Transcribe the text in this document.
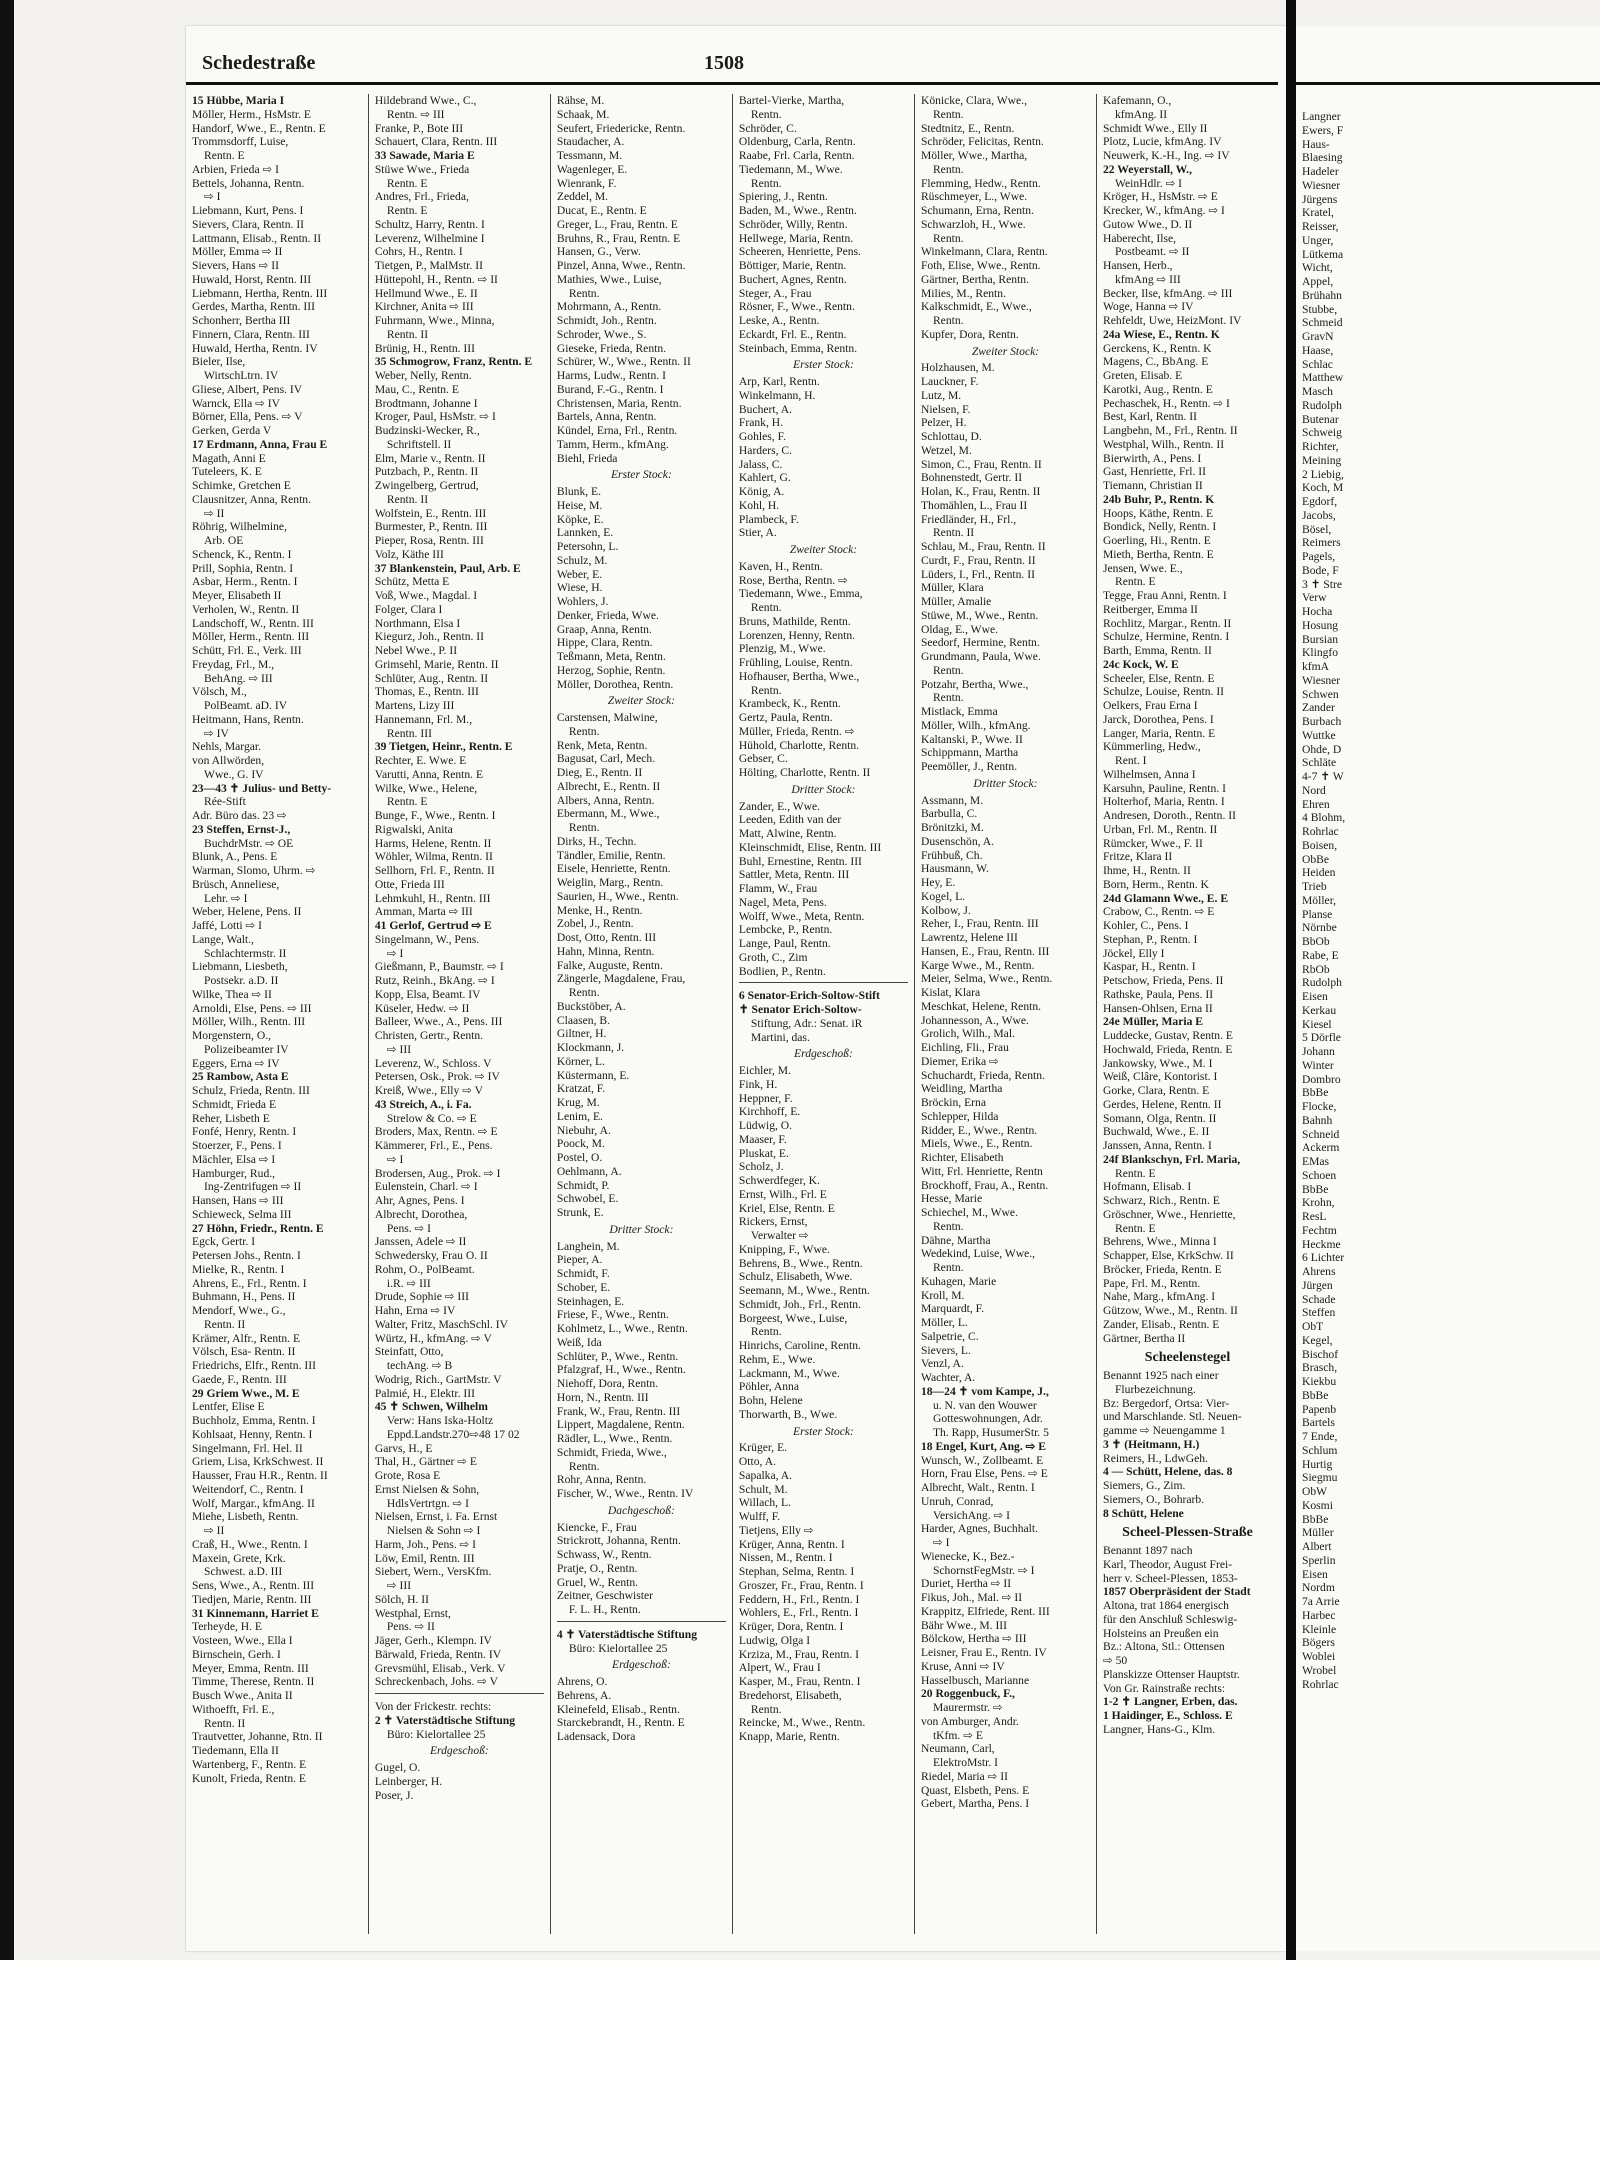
Langner
Ewers, F
Haus-
Blaesing
Hadeler
Wiesner
Jürgens
Kratel,
Reisser,
Unger,
Lütkema
Wicht,
Appel,
Brühahn
Stubbe,
Schmeid
GravN
Haase,
Schlac
Matthew
Masch
Rudolph
Butenar
Schweig
Richter,
Meining
2 Liebig,
Koch, M
Egdorf,
Jacobs,
Bösel,
Reimers
Pagels,
Bode, F
3 ✝ Stre
Verw
Hocha
Hosung
Bursian
Klingfo
kfmA
Wiesner
Schwen
Zander
Burbach
Wuttke
Ohde, D
Schläte
4-7 ✝ W
Nord
Ehren
4 Blohm,
Rohrlac
Boisen,
ObBe
Heiden
Trieb
Möller,
Planse
Nörnbe
BbOb
Rabe, E
RbOb
Rudolph
Eisen
Kerkau
Kiesel
5 Dörfle
Johann
Winter
Dombro
BbBe
Flocke,
Bahnh
Schneid
Ackerm
EMas
Schoen
BbBe
Krohn,
ResL
Fechtm
Heckme
6 Lichter
Ahrens
Jürgen
Schade
Steffen
ObT
Kegel,
Bischof
Brasch,
Kiekbu
BbBe
Papenb
Bartels
7 Ende,
Schlum
Hurtig
Siegmu
ObW
Kosmi
BbBe
Müller
Albert
Sperlin
Eisen
Nordm
7a Arrie
Harbec
Kleinle
Bögers
Woblei
Wrobel
Rohrlac
Schedestraße	1508
15 Hübbe, Maria I
Möller, Herm., HsMstr. E
Handorf, Wwe., E., Rentn. E
Trommsdorff, Luise,
Rentn. E
Arbien, Frieda ⇨ I
Bettels, Johanna, Rentn.
⇨ I
Liebmann, Kurt, Pens. I
Sievers, Clara, Rentn. II
Lattmann, Elisab., Rentn. II
Möller, Emma ⇨ II
Sievers, Hans ⇨ II
Huwald, Horst, Rentn. III
Liebmann, Hertha, Rentn. III
Gerdes, Martha, Rentn. III
Schonherr, Bertha III
Finnern, Clara, Rentn. III
Huwald, Hertha, Rentn. IV
Bieler, Ilse,
WirtschLtrn. IV
Gliese, Albert, Pens. IV
Warnck, Ella ⇨ IV
Börner, Ella, Pens. ⇨ V
Gerken, Gerda V
17 Erdmann, Anna, Frau E
Magath, Anni E
Tuteleers, K. E
Schimke, Gretchen E
Clausnitzer, Anna, Rentn.
⇨ II
Röhrig, Wilhelmine,
Arb. OE
Schenck, K., Rentn. I
Prill, Sophia, Rentn. I
Asbar, Herm., Rentn. I
Meyer, Elisabeth II
Verholen, W., Rentn. II
Landschoff, W., Rentn. III
Möller, Herm., Rentn. III
Schütt, Frl. E., Verk. III
Freydag, Frl., M.,
BehAng. ⇨ III
Völsch, M.,
PolBeamt. aD. IV
Heitmann, Hans, Rentn.
⇨ IV
Nehls, Margar.
von Allwörden,
Wwe., G. IV
23—43 ✝ Julius- und Betty-
Rée-Stift
Adr. Büro das. 23 ⇨
23 Steffen, Ernst-J.,
BuchdrMstr. ⇨ OE
Blunk, A., Pens. E
Warman, Slomo, Uhrm. ⇨
Brüsch, Anneliese,
Lehr. ⇨ I
Weber, Helene, Pens. II
Jaffé, Lotti ⇨ I
Lange, Walt.,
Schlachtermstr. II
Liebmann, Liesbeth,
Postsekr. a.D. II
Wilke, Thea ⇨ II
Arnoldi, Else, Pens. ⇨ III
Möller, Wilh., Rentn. III
Morgenstern, O.,
Polizeibeamter IV
Eggers, Erna ⇨ IV
25 Rambow, Asta E
Schulz, Frieda, Rentn. III
Schmidt, Frieda E
Reher, Lisbeth E
Fonfé, Henry, Rentn. I
Stoerzer, F., Pens. I
Mächler, Elsa ⇨ I
Hamburger, Rud.,
Ing-Zentrifugen ⇨ II
Hansen, Hans ⇨ III
Schieweck, Selma III
27 Höhn, Friedr., Rentn. E
Egck, Gertr. I
Petersen Johs., Rentn. I
Mielke, R., Rentn. I
Ahrens, E., Frl., Rentn. I
Buhmann, H., Pens. II
Mendorf, Wwe., G.,
Rentn. II
Krämer, Alfr., Rentn. E
Völsch, Esa- Rentn. II
Friedrichs, Elfr., Rentn. III
Gaede, F., Rentn. III
29 Griem Wwe., M. E
Lentfer, Elise E
Buchholz, Emma, Rentn. I
Kohlsaat, Henny, Rentn. I
Singelmann, Frl. Hel. II
Griem, Lisa, KrkSchwest. II
Hausser, Frau H.R., Rentn. II
Weitendorf, C., Rentn. I
Wolf, Margar., kfmAng. II
Miehe, Lisbeth, Rentn.
⇨ II
Craß, H., Wwe., Rentn. I
Maxein, Grete, Krk.
Schwest. a.D. III
Sens, Wwe., A., Rentn. III
Tiedjen, Marie, Rentn. III
31 Kinnemann, Harriet E
Terheyde, H. E
Vosteen, Wwe., Ella I
Birnschein, Gerh. I
Meyer, Emma, Rentn. III
Timme, Therese, Rentn. II
Busch Wwe., Anita II
Withoefft, Frl. E.,
Rentn. II
Trautvetter, Johanne, Rtn. II
Tiedemann, Ella II
Wartenberg, F., Rentn. E
Kunolt, Frieda, Rentn. E
Hildebrand Wwe., C.,
Rentn. ⇨ III
Franke, P., Bote III
Schauert, Clara, Rentn. III
33 Sawade, Maria E
Stüwe Wwe., Frieda
Rentn. E
Andres, Frl., Frieda,
Rentn. E
Schultz, Harry, Rentn. I
Leverenz, Wilhelmine I
Cohrs, H., Rentn. I
Tietgen, P., MalMstr. II
Hüttepohl, H., Rentn. ⇨ II
Hellmund Wwe., E. II
Kirchner, Anita ⇨ III
Fuhrmann, Wwe., Minna,
Rentn. II
Brünig, H., Rentn. III
35 Schmogrow, Franz, Rentn. E
Weber, Nelly, Rentn.
Mau, C., Rentn. E
Brodtmann, Johanne I
Kroger, Paul, HsMstr. ⇨ I
Budzinski-Wecker, R.,
Schriftstell. II
Elm, Marie v., Rentn. II
Putzbach, P., Rentn. II
Zwingelberg, Gertrud,
Rentn. II
Wolfstein, E., Rentn. III
Burmester, P., Rentn. III
Pieper, Rosa, Rentn. III
Volz, Käthe III
37 Blankenstein, Paul, Arb. E
Schütz, Metta E
Voß, Wwe., Magdal. I
Folger, Clara I
Northmann, Elsa I
Kiegurz, Joh., Rentn. II
Nebel Wwe., P. II
Grimsehl, Marie, Rentn. II
Schlüter, Aug., Rentn. II
Thomas, E., Rentn. III
Martens, Lizy III
Hannemann, Frl. M.,
Rentn. III
39 Tietgen, Heinr., Rentn. E
Rechter, E. Wwe. E
Varutti, Anna, Rentn. E
Wilke, Wwe., Helene,
Rentn. E
Bunge, F., Wwe., Rentn. I
Rigwalski, Anita
Harms, Helene, Rentn. II
Wöhler, Wilma, Rentn. II
Sellhorn, Frl. F., Rentn. II
Otte, Frieda III
Lehmkuhl, H., Rentn. III
Amman, Marta ⇨ III
41 Gerlof, Gertrud ⇨ E
Singelmann, W., Pens.
⇨ I
Gießmann, P., Baumstr. ⇨ I
Rutz, Reinh., BkAng. ⇨ I
Kopp, Elsa, Beamt. IV
Küseler, Hedw. ⇨ II
Balleer, Wwe., A., Pens. III
Christen, Gertr., Rentn.
⇨ III
Leverenz, W., Schloss. V
Petersen, Osk., Prok. ⇨ IV
Kreiß, Wwe., Elly ⇨ V
43 Streich, A., i. Fa.
Strelow & Co. ⇨ E
Broders, Max, Rentn. ⇨ E
Kämmerer, Frl., E., Pens.
⇨ I
Brodersen, Aug., Prok. ⇨ I
Eulenstein, Charl. ⇨ I
Ahr, Agnes, Pens. I
Albrecht, Dorothea,
Pens. ⇨ I
Janssen, Adele ⇨ II
Schwedersky, Frau O. II
Rohm, O., PolBeamt.
i.R. ⇨ III
Drude, Sophie ⇨ III
Hahn, Erna ⇨ IV
Walter, Fritz, MaschSchl. IV
Würtz, H., kfmAng. ⇨ V
Steinfatt, Otto,
techAng. ⇨ B
Wodrig, Rich., GartMstr. V
Palmié, H., Elektr. III
45 ✝ Schwen, Wilhelm
Verw: Hans Iska-Holtz
Eppd.Landstr.270⇨48 17 02
Garvs, H., E
Thal, H., Gärtner ⇨ E
Grote, Rosa E
Ernst Nielsen & Sohn,
HdlsVertrtgn. ⇨ I
Nielsen, Ernst, i. Fa. Ernst
Nielsen & Sohn ⇨ I
Harm, Joh., Pens. ⇨ I
Löw, Emil, Rentn. III
Siebert, Wern., VersKfm.
⇨ III
Sölch, H. II
Westphal, Ernst,
Pens. ⇨ II
Jäger, Gerh., Klempn. IV
Bärwald, Frieda, Rentn. IV
Grevsmühl, Elisab., Verk. V
Schreckenbach, Johs. ⇨ V
Von der Frickestr. rechts:
2 ✝ Vaterstädtische Stiftung
Büro: Kielortallee 25
Erdgeschoß:
Gugel, O.
Leinberger, H.
Poser, J.
Rähse, M.
Schaak, M.
Seufert, Friedericke, Rentn.
Staudacher, A.
Tessmann, M.
Wagenleger, E.
Wienrank, F.
Zeddel, M.
Ducat, E., Rentn. E
Greger, L., Frau, Rentn. E
Bruhns, R., Frau, Rentn. E
Hansen, G., Verw.
Pinzel, Anna, Wwe., Rentn.
Mathies, Wwe., Luise,
Rentn.
Mohrmann, A., Rentn.
Schmidt, Joh., Rentn.
Schroder, Wwe., S.
Gieseke, Frieda, Rentn.
Schürer, W., Wwe., Rentn. II
Harms, Ludw., Rentn. I
Burand, F.-G., Rentn. I
Christensen, Maria, Rentn.
Bartels, Anna, Rentn.
Kündel, Erna, Frl., Rentn.
Tamm, Herm., kfmAng.
Biehl, Frieda
Erster Stock:
Blunk, E.
Heise, M.
Köpke, E.
Lannken, E.
Petersohn, L.
Schulz, M.
Weber, E.
Wiese, H.
Wohlers, J.
Denker, Frieda, Wwe.
Graap, Anna, Rentn.
Hippe, Clara, Rentn.
Teßmann, Meta, Rentn.
Herzog, Sophie, Rentn.
Möller, Dorothea, Rentn.
Zweiter Stock:
Carstensen, Malwine,
Rentn.
Renk, Meta, Rentn.
Bagusat, Carl, Mech.
Dieg, E., Rentn. II
Albrecht, E., Rentn. II
Albers, Anna, Rentn.
Ebermann, M., Wwe.,
Rentn.
Dirks, H., Techn.
Tändler, Emilie, Rentn.
Eisele, Henriette, Rentn.
Weiglin, Marg., Rentn.
Saurien, H., Wwe., Rentn.
Menke, H., Rentn.
Zobel, J., Rentn.
Dost, Otto, Rentn. III
Hahn, Minna, Rentn.
Falke, Auguste, Rentn.
Zängerle, Magdalene, Frau,
Rentn.
Buckstöber, A.
Claasen, B.
Giltner, H.
Klockmann, J.
Körner, L.
Küstermann, E.
Kratzat, F.
Krug, M.
Lenim, E.
Niebuhr, A.
Poock, M.
Postel, O.
Oehlmann, A.
Schmidt, P.
Schwobel, E.
Strunk, E.
Dritter Stock:
Langhein, M.
Pieper, A.
Schmidt, F.
Schober, E.
Steinhagen, E.
Friese, F., Wwe., Rentn.
Kohlmetz, L., Wwe., Rentn.
Weiß, Ida
Schlüter, P., Wwe., Rentn.
Pfalzgraf, H., Wwe., Rentn.
Niehoff, Dora, Rentn.
Horn, N., Rentn. III
Frank, W., Frau, Rentn. III
Lippert, Magdalene, Rentn.
Rädler, L., Wwe., Rentn.
Schmidt, Frieda, Wwe.,
Rentn.
Rohr, Anna, Rentn.
Fischer, W., Wwe., Rentn. IV
Dachgeschoß:
Kiencke, F., Frau
Strickrott, Johanna, Rentn.
Schwass, W., Rentn.
Pratje, O., Rentn.
Gruel, W., Rentn.
Zeitner, Geschwister
F. L. H., Rentn.
4 ✝ Vaterstädtische Stiftung
Büro: Kielortallee 25
Erdgeschoß:
Ahrens, O.
Behrens, A.
Kleinefeld, Elisab., Rentn.
Starckebrandt, H., Rentn. E
Ladensack, Dora
Bartel-Vierke, Martha,
Rentn.
Schröder, C.
Oldenburg, Carla, Rentn.
Raabe, Frl. Carla, Rentn.
Tiedemann, M., Wwe.
Rentn.
Spiering, J., Rentn.
Baden, M., Wwe., Rentn.
Schröder, Willy, Rentn.
Hellwege, Maria, Rentn.
Scheeren, Henriette, Pens.
Böttiger, Marie, Rentn.
Buchert, Agnes, Rentn.
Steger, A., Frau
Rösner, F., Wwe., Rentn.
Leske, A., Rentn.
Eckardt, Frl. E., Rentn.
Steinbach, Emma, Rentn.
Erster Stock:
Arp, Karl, Rentn.
Winkelmann, H.
Buchert, A.
Frank, H.
Gohles, F.
Harders, C.
Jalass, C.
Kahlert, G.
König, A.
Kohl, H.
Plambeck, F.
Stier, A.
Zweiter Stock:
Kaven, H., Rentn.
Rose, Bertha, Rentn. ⇨
Tiedemann, Wwe., Emma,
Rentn.
Bruns, Mathilde, Rentn.
Lorenzen, Henny, Rentn.
Plenzig, M., Wwe.
Frühling, Louise, Rentn.
Hofhauser, Bertha, Wwe.,
Rentn.
Krambeck, K., Rentn.
Gertz, Paula, Rentn.
Müller, Frieda, Rentn. ⇨
Hühold, Charlotte, Rentn.
Gebser, C.
Hölting, Charlotte, Rentn. II
Dritter Stock:
Zander, E., Wwe.
Leeden, Edith van der
Matt, Alwine, Rentn.
Kleinschmidt, Elise, Rentn. III
Buhl, Ernestine, Rentn. III
Sattler, Meta, Rentn. III
Flamm, W., Frau
Nagel, Meta, Pens.
Wolff, Wwe., Meta, Rentn.
Lembcke, P., Rentn.
Lange, Paul, Rentn.
Groth, C., Zim
Bodlien, P., Rentn.
6 Senator-Erich-Soltow-Stift
✝ Senator Erich-Soltow-
Stiftung, Adr.: Senat. iR
Martini, das.
Erdgeschoß:
Eichler, M.
Fink, H.
Heppner, F.
Kirchhoff, E.
Lüdwig, O.
Maaser, F.
Pluskat, E.
Scholz, J.
Schwerdfeger, K.
Ernst, Wilh., Frl. E
Kriel, Else, Rentn. E
Rickers, Ernst,
Verwalter ⇨
Knipping, F., Wwe.
Behrens, B., Wwe., Rentn.
Schulz, Elisabeth, Wwe.
Seemann, M., Wwe., Rentn.
Schmidt, Joh., Frl., Rentn.
Borgeest, Wwe., Luise,
Rentn.
Hinrichs, Caroline, Rentn.
Rehm, E., Wwe.
Lackmann, M., Wwe.
Pöhler, Anna
Bohn, Helene
Thorwarth, B., Wwe.
Erster Stock:
Krüger, E.
Otto, A.
Sapalka, A.
Schult, M.
Willach, L.
Wulff, F.
Tietjens, Elly ⇨
Krüger, Anna, Rentn. I
Nissen, M., Rentn. I
Stephan, Selma, Rentn. I
Groszer, Fr., Frau, Rentn. I
Feddern, H., Frl., Rentn. I
Wohlers, E., Frl., Rentn. I
Krüger, Dora, Rentn. I
Ludwig, Olga I
Krziza, M., Frau, Rentn. I
Alpert, W., Frau I
Kasper, M., Frau, Rentn. I
Bredehorst, Elisabeth,
Rentn.
Reincke, M., Wwe., Rentn.
Knapp, Marie, Rentn.
Könicke, Clara, Wwe.,
Rentn.
Stedtnitz, E., Rentn.
Schröder, Felicitas, Rentn.
Möller, Wwe., Martha,
Rentn.
Flemming, Hedw., Rentn.
Rüschmeyer, L., Wwe.
Schumann, Erna, Rentn.
Schwarzloh, H., Wwe.
Rentn.
Winkelmann, Clara, Rentn.
Foth, Elise, Wwe., Rentn.
Gärtner, Bertha, Rentn.
Milies, M., Rentn.
Kalkschmidt, E., Wwe.,
Rentn.
Kupfer, Dora, Rentn.
Zweiter Stock:
Holzhausen, M.
Lauckner, F.
Lutz, M.
Nielsen, F.
Pelzer, H.
Schlottau, D.
Wetzel, M.
Simon, C., Frau, Rentn. II
Bohnenstedt, Gertr. II
Holan, K., Frau, Rentn. II
Thomählen, L., Frau II
Friedländer, H., Frl.,
Rentn. II
Schlau, M., Frau, Rentn. II
Curdt, F., Frau, Rentn. II
Lüders, I., Frl., Rentn. II
Müller, Klara
Müller, Amalie
Stüwe, M., Wwe., Rentn.
Oldag, E., Wwe.
Seedorf, Hermine, Rentn.
Grundmann, Paula, Wwe.
Rentn.
Potzahr, Bertha, Wwe.,
Rentn.
Mistlack, Emma
Möller, Wilh., kfmAng.
Kaltanski, P., Wwe. II
Schippmann, Martha
Peemöller, J., Rentn.
Dritter Stock:
Assmann, M.
Barbulla, C.
Brönitzki, M.
Dusenschön, A.
Frühbuß, Ch.
Hausmann, W.
Hey, E.
Kogel, L.
Kolbow, J.
Reher, I., Frau, Rentn. III
Lawrentz, Helene III
Hansen, E., Frau, Rentn. III
Karge Wwe., M., Rentn.
Meier, Selma, Wwe., Rentn.
Kislat, Klara
Meschkat, Helene, Rentn.
Johannesson, A., Wwe.
Grolich, Wilh., Mal.
Eichling, Fli., Frau
Diemer, Erika ⇨
Schuchardt, Frieda, Rentn.
Weidling, Martha
Bröckin, Erna
Schlepper, Hilda
Ridder, E., Wwe., Rentn.
Miels, Wwe., E., Rentn.
Richter, Elisabeth
Witt, Frl. Henriette, Rentn
Brockhoff, Frau, A., Rentn.
Hesse, Marie
Schiechel, M., Wwe.
Rentn.
Dähne, Martha
Wedekind, Luise, Wwe.,
Rentn.
Kuhagen, Marie
Kroll, M.
Marquardt, F.
Möller, L.
Salpetrie, C.
Sievers, L.
Venzl, A.
Wachter, A.
18—24 ✝ vom Kampe, J.,
u. N. van den Wouwer
Gotteswohnungen, Adr.
Th. Rapp, HusumerStr. 5
18 Engel, Kurt, Ang. ⇨ E
Wunsch, W., Zollbeamt. E
Horn, Frau Else, Pens. ⇨ E
Albrecht, Walt., Rentn. I
Unruh, Conrad,
VersichAng. ⇨ I
Harder, Agnes, Buchhalt.
⇨ I
Wienecke, K., Bez.-
SchornstFegMstr. ⇨ I
Duriet, Hertha ⇨ II
Fikus, Joh., Mal. ⇨ II
Krappitz, Elfriede, Rent. III
Bähr Wwe., M. III
Bölckow, Hertha ⇨ III
Leisner, Frau E., Rentn. IV
Kruse, Anni ⇨ IV
Hasselbusch, Marianne
20 Roggenbuck, F.,
Maurermstr. ⇨
von Amburger, Andr.
tKfm. ⇨ E
Neumann, Carl,
ElektroMstr. I
Riedel, Maria ⇨ II
Quast, Elsbeth, Pens. E
Gebert, Martha, Pens. I
Kafemann, O.,
kfmAng. II
Schmidt Wwe., Elly II
Plotz, Lucie, kfmAng. IV
Neuwerk, K.-H., Ing. ⇨ IV
22 Weyerstall, W.,
WeinHdlr. ⇨ I
Kröger, H., HsMstr. ⇨ E
Krecker, W., kfmAng. ⇨ I
Gutow Wwe., D. II
Haberecht, Ilse,
Postbeamt. ⇨ II
Hansen, Herb.,
kfmAng ⇨ III
Becker, Ilse, kfmAng. ⇨ III
Woge, Hanna ⇨ IV
Rehfeldt, Uwe, HeizMont. IV
24a Wiese, E., Rentn. K
Gerckens, K., Rentn. K
Magens, C., BbAng. E
Greten, Elisab. E
Karotki, Aug., Rentn. E
Pechaschek, H., Rentn. ⇨ I
Best, Karl, Rentn. II
Langbehn, M., Frl., Rentn. II
Westphal, Wilh., Rentn. II
Bierwirth, A., Pens. I
Gast, Henriette, Frl. II
Tiemann, Christian II
24b Buhr, P., Rentn. K
Hoops, Käthe, Rentn. E
Bondick, Nelly, Rentn. I
Goerling, Hi., Rentn. E
Mieth, Bertha, Rentn. E
Jensen, Wwe. E.,
Rentn. E
Tegge, Frau Anni, Rentn. I
Reitberger, Emma II
Rochlitz, Margar., Rentn. II
Schulze, Hermine, Rentn. I
Barth, Emma, Rentn. II
24c Kock, W. E
Scheeler, Else, Rentn. E
Schulze, Louise, Rentn. II
Oelkers, Frau Erna I
Jarck, Dorothea, Pens. I
Langer, Maria, Rentn. E
Kümmerling, Hedw.,
Rent. I
Wilhelmsen, Anna I
Karsuhn, Pauline, Rentn. I
Holterhof, Maria, Rentn. I
Andresen, Doroth., Rentn. II
Urban, Frl. M., Rentn. II
Rümcker, Wwe., F. II
Fritze, Klara II
Ihme, H., Rentn. II
Born, Herm., Rentn. K
24d Glamann Wwe., E. E
Crabow, C., Rentn. ⇨ E
Kohler, C., Pens. I
Stephan, P., Rentn. I
Jöckel, Elly I
Kaspar, H., Rentn. I
Petschow, Frieda, Pens. II
Rathske, Paula, Pens. II
Hansen-Ohlsen, Erna II
24e Müller, Maria E
Luddecke, Gustav, Rentn. E
Hochwald, Frieda, Rentn. E
Jankowsky, Wwe., M. I
Weiß, Clâre, Kontorist. I
Gorke, Clara, Rentn. E
Gerdes, Helene, Rentn. II
Somann, Olga, Rentn. II
Buchwald, Wwe., E. II
Janssen, Anna, Rentn. I
24f Blankschyn, Frl. Maria,
Rentn. E
Hofmann, Elisab. I
Schwarz, Rich., Rentn. E
Gröschner, Wwe., Henriette,
Rentn. E
Behrens, Wwe., Minna I
Schapper, Else, KrkSchw. II
Bröcker, Frieda, Rentn. E
Pape, Frl. M., Rentn.
Nahe, Marg., kfmAng. I
Gützow, Wwe., M., Rentn. II
Zander, Elisab., Rentn. E
Gärtner, Bertha II
Scheelenstegel
Benannt 1925 nach einer
Flurbezeichnung.
Bz: Bergedorf, Ortsa: Vier-
und Marschlande. Stl. Neuen-
gamme ⇨ Neuengamme 1
3 ✝ (Heitmann, H.)
Reimers, H., LdwGeh.
4 — Schütt, Helene, das. 8
Siemers, G., Zim.
Siemers, O., Bohrarb.
8 Schütt, Helene
Scheel-Plessen-Straße
Benannt 1897 nach
Karl, Theodor, August Frei-
herr v. Scheel-Plessen, 1853-
1857 Oberpräsident der Stadt
Altona, trat 1864 energisch
für den Anschluß Schleswig-
Holsteins an Preußen ein
Bz.: Altona, Stl.: Ottensen
⇨ 50
Planskizze Ottenser Hauptstr.
Von Gr. Rainstraße rechts:
1-2 ✝ Langner, Erben, das.
1 Haidinger, E., Schloss. E
Langner, Hans-G., Klm.
